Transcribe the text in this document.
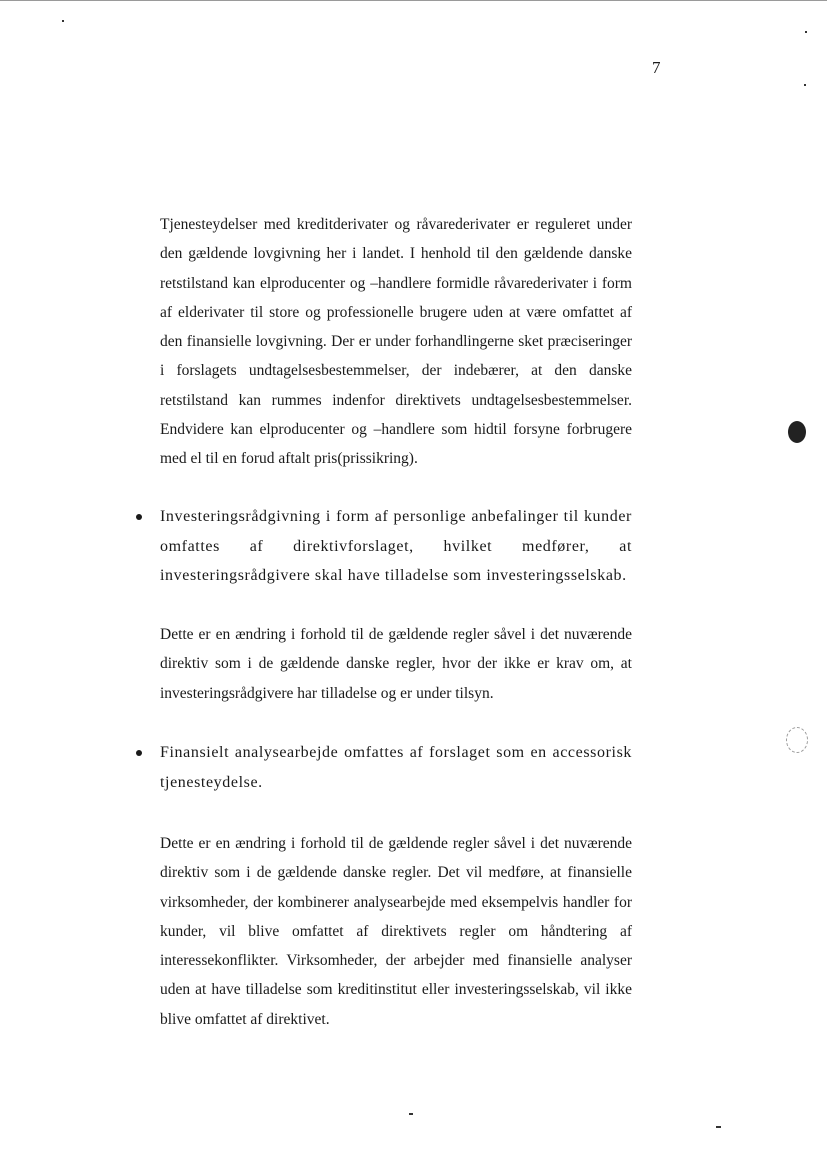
7

Tjenesteydelser med kreditderivater og råvarederivater er reguleret under den gældende lovgivning her i landet. I henhold til den gældende danske retstilstand kan elproducenter og –handlere formidle råvarederivater i form af elderivater til store og professionelle brugere uden at være omfattet af den finansielle lovgivning. Der er under forhandlingerne sket præciseringer i forslagets undtagelsesbestemmelser, der indebærer, at den danske retstilstand kan rummes indenfor direktivets undtagelsesbestemmelser. Endvidere kan elproducenter og –handlere som hidtil forsyne forbrugere med el til en forud aftalt pris(prissikring).

Investeringsrådgivning i form af personlige anbefalinger til kunder omfattes af direktivforslaget, hvilket medfører, at investeringsrådgivere skal have tilladelse som investeringsselskab.

Dette er en ændring i forhold til de gældende regler såvel i det nuværende direktiv som i de gældende danske regler, hvor der ikke er krav om, at investeringsrådgivere har tilladelse og er under tilsyn.

Finansielt analysearbejde omfattes af forslaget som en accessorisk tjenesteydelse.

Dette er en ændring i forhold til de gældende regler såvel i det nuværende direktiv som i de gældende danske regler. Det vil medføre, at finansielle virksomheder, der kombinerer analysearbejde med eksempelvis handler for kunder, vil blive omfattet af direktivets regler om håndtering af interessekonflikter. Virksomheder, der arbejder med finansielle analyser uden at have tilladelse som kreditinstitut eller investeringsselskab, vil ikke blive omfattet af direktivet.
